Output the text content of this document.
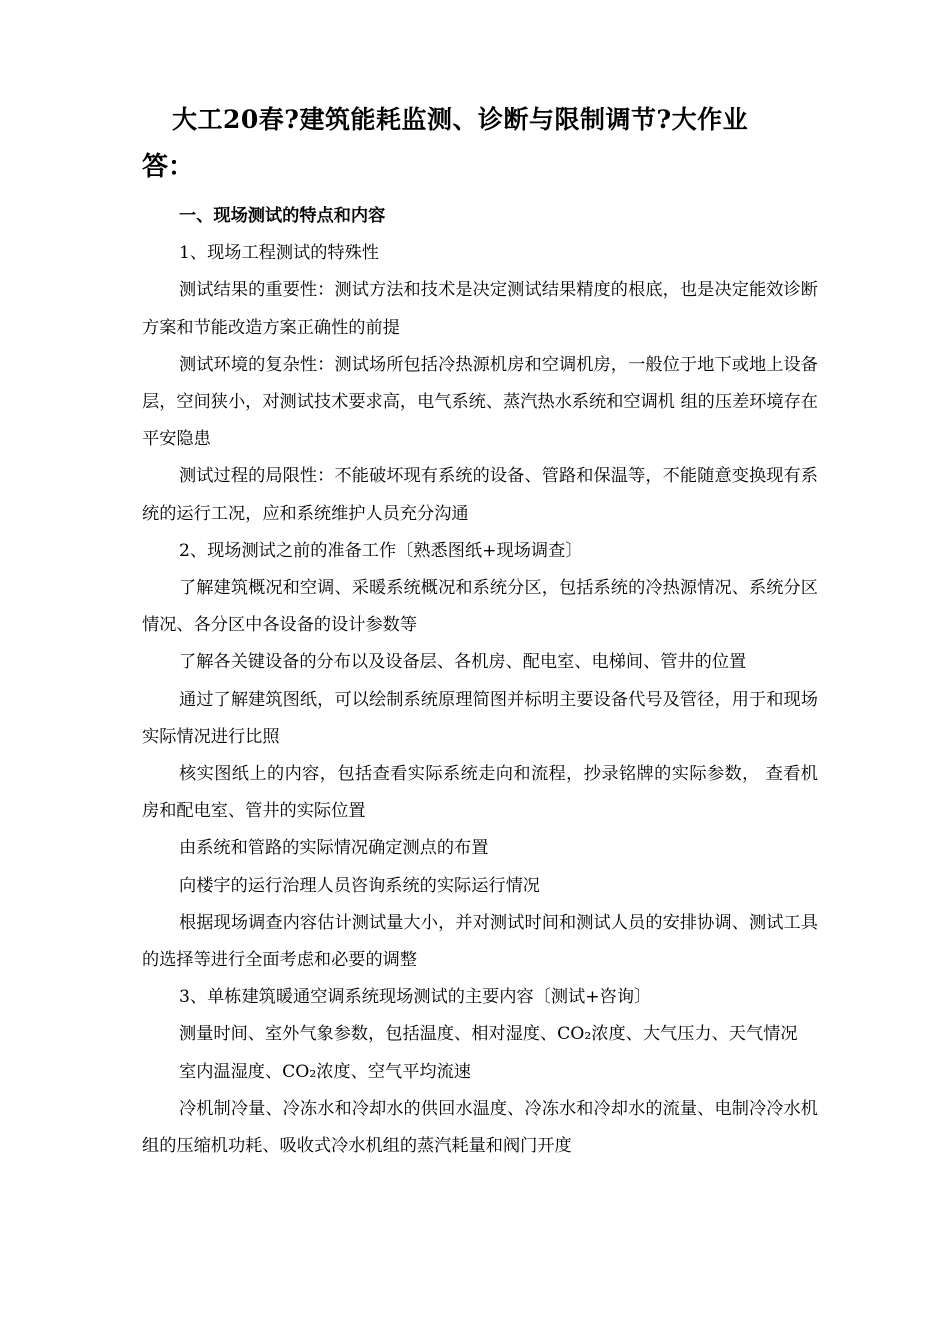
大工20春?建筑能耗监测、诊断与限制调节?大作业
答：

一、现场测试的特点和内容

1、现场工程测试的特殊性

测试结果的重要性：测试方法和技术是决定测试结果精度的根底，也是决定能效诊断方案和节能改造方案正确性的前提

测试环境的复杂性：测试场所包括冷热源机房和空调机房，一般位于地下或地上设备层，空间狭小，对测试技术要求高，电气系统、蒸汽热水系统和空调机 组的压差环境存在平安隐患

测试过程的局限性：不能破坏现有系统的设备、管路和保温等，不能随意变换现有系统的运行工况，应和系统维护人员充分沟通

2、现场测试之前的准备工作〔熟悉图纸+现场调查〕

了解建筑概况和空调、采暖系统概况和系统分区，包括系统的冷热源情况、系统分区情况、各分区中各设备的设计参数等

了解各关键设备的分布以及设备层、各机房、配电室、电梯间、管井的位置

通过了解建筑图纸，可以绘制系统原理简图并标明主要设备代号及管径，用于和现场实际情况进行比照

核实图纸上的内容，包括查看实际系统走向和流程，抄录铭牌的实际参数， 查看机房和配电室、管井的实际位置

由系统和管路的实际情况确定测点的布置

向楼宇的运行治理人员咨询系统的实际运行情况

根据现场调查内容估计测试量大小，并对测试时间和测试人员的安排协调、测试工具的选择等进行全面考虑和必要的调整

3、单栋建筑暖通空调系统现场测试的主要内容〔测试+咨询〕

测量时间、室外气象参数，包括温度、相对湿度、CO₂浓度、大气压力、天气情况

室内温湿度、CO₂浓度、空气平均流速

冷机制冷量、冷冻水和冷却水的供回水温度、冷冻水和冷却水的流量、电制冷冷水机组的压缩机功耗、吸收式冷水机组的蒸汽耗量和阀门开度
